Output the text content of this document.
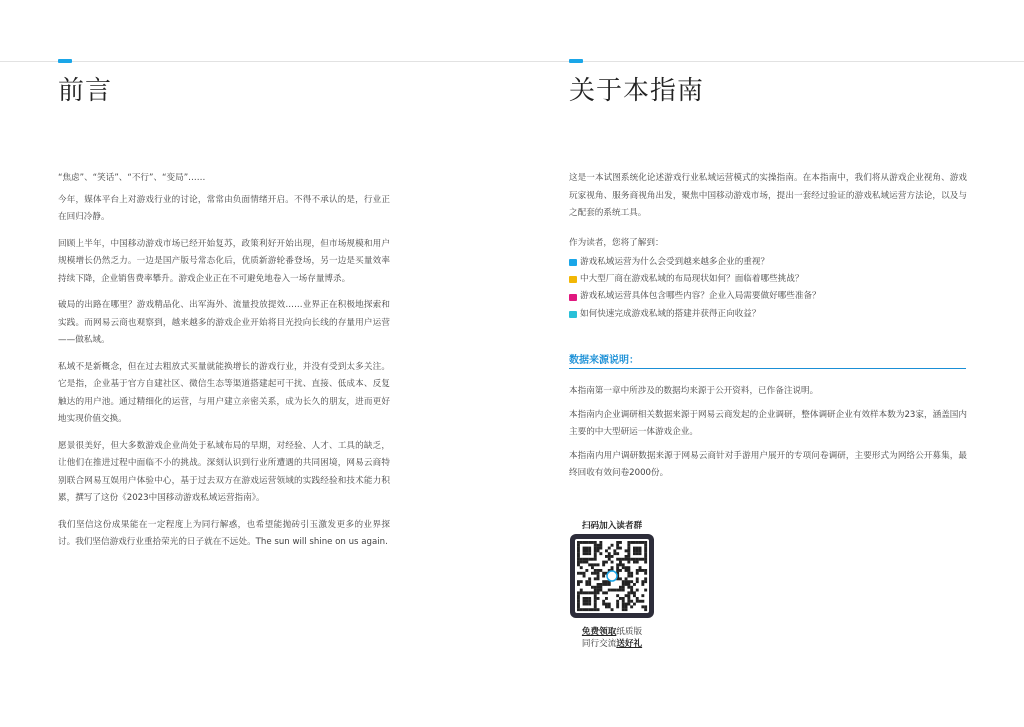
前言	关于本指南

“焦虑”、“笑话”、“不行”、“变局”……

今年，媒体平台上对游戏行业的讨论，常常由负面情绪开启。不得不承认的是，行业正在回归冷静。

回顾上半年，中国移动游戏市场已经开始复苏，政策利好开始出现，但市场规模和用户规模增长仍然乏力。一边是国产版号常态化后，优质新游轮番登场，另一边是买量效率持续下降，企业销售费率攀升。游戏企业正在不可避免地卷入一场存量博杀。

破局的出路在哪里？游戏精品化、出军海外、流量投放提效……业界正在积极地探索和实践。而网易云商也观察到，越来越多的游戏企业开始将目光投向长线的存量用户运营——做私域。

私域不是新概念，但在过去粗放式买量就能换增长的游戏行业，并没有受到太多关注。它是指，企业基于官方自建社区、微信生态等渠道搭建起可干扰、直接、低成本、反复触达的用户池。通过精细化的运营，与用户建立亲密关系，成为长久的朋友，进而更好地实现价值交换。

愿景很美好，但大多数游戏企业尚处于私域布局的早期，对经验、人才、工具的缺乏，让他们在推进过程中面临不小的挑战。深刻认识到行业所遭遇的共同困境，网易云商特别联合网易互娱用户体验中心，基于过去双方在游戏运营领域的实践经验和技术能力积累，撰写了这份《2023中国移动游戏私域运营指南》。

我们坚信这份成果能在一定程度上为同行解惑，也希望能抛砖引玉激发更多的业界探讨。我们坚信游戏行业重拾荣光的日子就在不远处。The sun will shine on us again.

这是一本试图系统化论述游戏行业私域运营模式的实操指南。在本指南中，我们将从游戏企业视角、游戏玩家视角、服务商视角出发，聚焦中国移动游戏市场，提出一套经过验证的游戏私域运营方法论，以及与之配套的系统工具。

作为读者，您将了解到：

游戏私域运营为什么会受到越来越多企业的重视？
中大型厂商在游戏私域的布局现状如何？面临着哪些挑战？
游戏私域运营具体包含哪些内容？企业入局需要做好哪些准备？
如何快速完成游戏私域的搭建并获得正向收益？
数据来源说明：

本指南第一章中所涉及的数据均来源于公开资料，已作备注说明。

本指南内企业调研相关数据来源于网易云商发起的企业调研，整体调研企业有效样本数为23家，涵盖国内主要的中大型研运一体游戏企业。

本指南内用户调研数据来源于网易云商针对手游用户展开的专项问卷调研，主要形式为网络公开募集，最终回收有效问卷2000份。

扫码加入读者群
免费领取纸质版
同行交流送好礼
